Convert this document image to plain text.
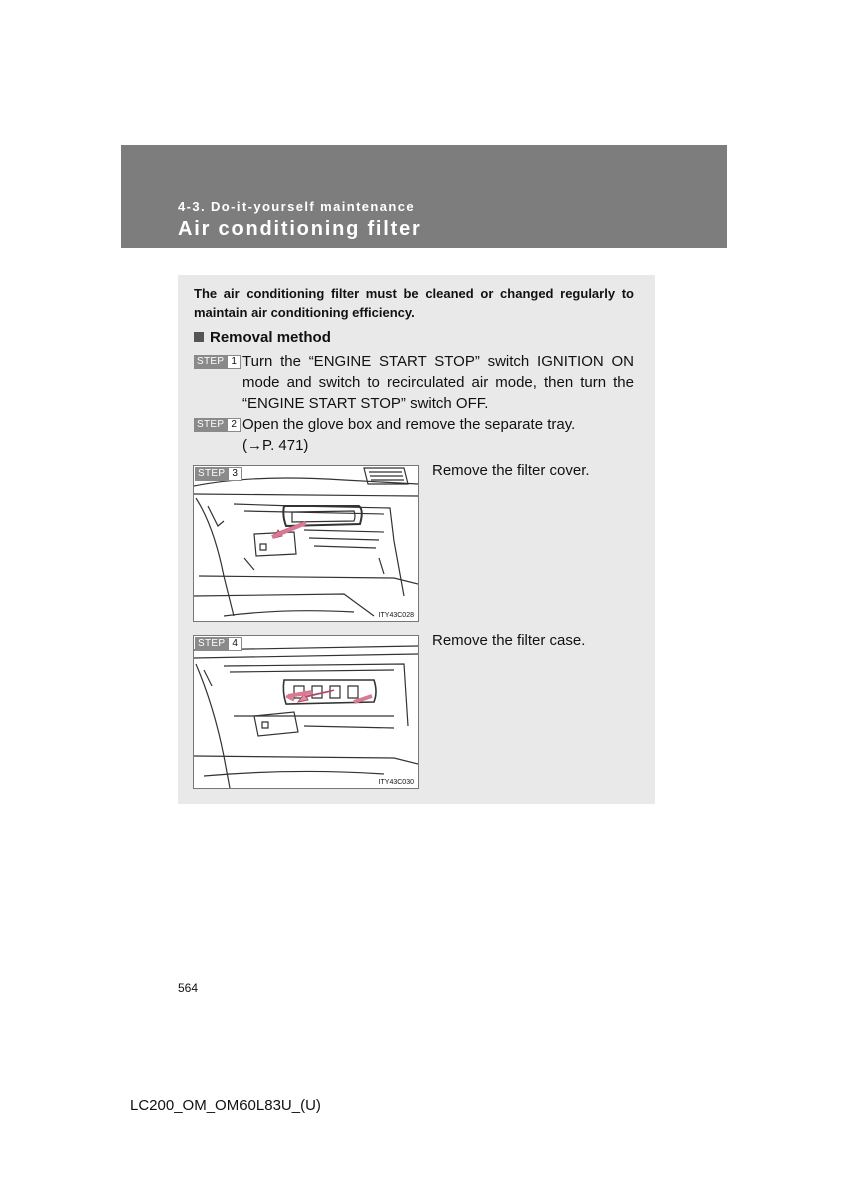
4-3. Do-it-yourself maintenance
Air conditioning filter
The air conditioning filter must be cleaned or changed regularly to maintain air conditioning efficiency.
Removal method
STEP 1 Turn the “ENGINE START STOP” switch IGNITION ON mode and switch to recirculated air mode, then turn the “ENGINE START STOP” switch OFF.
STEP 2 Open the glove box and remove the separate tray.
(→P. 471)
STEP 3
ITY43C028
Remove the filter cover.
STEP 4
ITY43C030
Remove the filter case.
564
LC200_OM_OM60L83U_(U)
